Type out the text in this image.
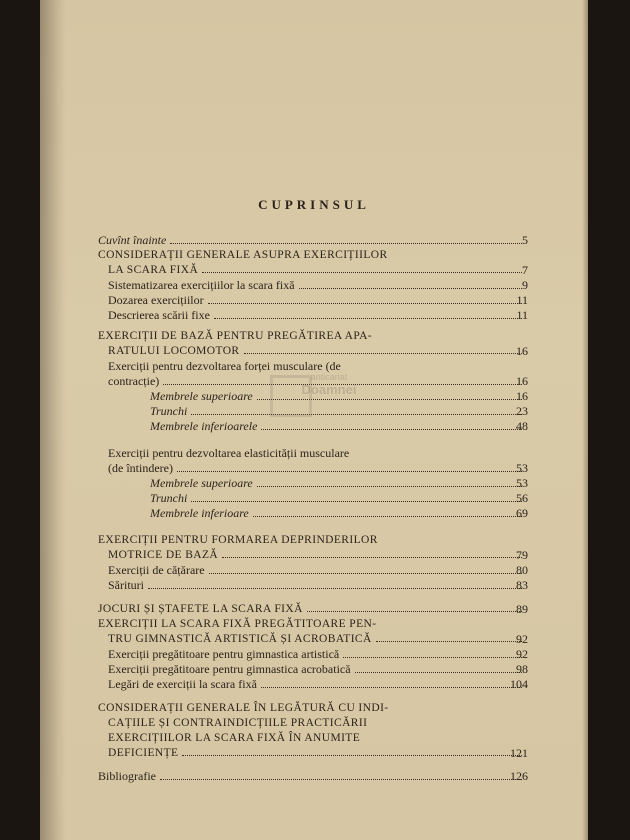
CUPRINSUL
Cuvînt înainte	5
CONSIDERAȚII GENERALE ASUPRA EXERCIȚIILOR
LA SCARA FIXĂ	7
Sistematizarea exercițiilor la scara fixă	9
Dozarea exercițiilor	11
Descrierea scării fixe	11
EXERCIȚII DE BAZĂ PENTRU PREGĂTIREA APA-
RATULUI LOCOMOTOR	16
Exerciții pentru dezvoltarea forței musculare (de
contracție)	16
Membrele superioare	16
Trunchi	23
Membrele inferioarele	48
Exerciții pentru dezvoltarea elasticității musculare
(de întindere)	53
Membrele superioare	53
Trunchi	56
Membrele inferioare	69
EXERCIȚII PENTRU FORMAREA DEPRINDERILOR
MOTRICE DE BAZĂ	79
Exerciții de cățărare	80
Sărituri	83
JOCURI ȘI ȘTAFETE LA SCARA FIXĂ	89
EXERCIȚII LA SCARA FIXĂ PREGĂTITOARE PEN-
TRU GIMNASTICĂ ARTISTICĂ ȘI ACROBATICĂ	92
Exerciții pregătitoare pentru gimnastica artistică	92
Exerciții pregătitoare pentru gimnastica acrobatică	98
Legări de exerciții la scara fixă	104
CONSIDERAȚII GENERALE ÎN LEGĂTURĂ CU INDI-
CAȚIILE ȘI CONTRAINDICȚIILE PRACTICĂRII
EXERCIȚIILOR LA SCARA FIXĂ ÎN ANUMITE
DEFICIENȚE	121
Bibliografie	126
anticariat
Doamnei
